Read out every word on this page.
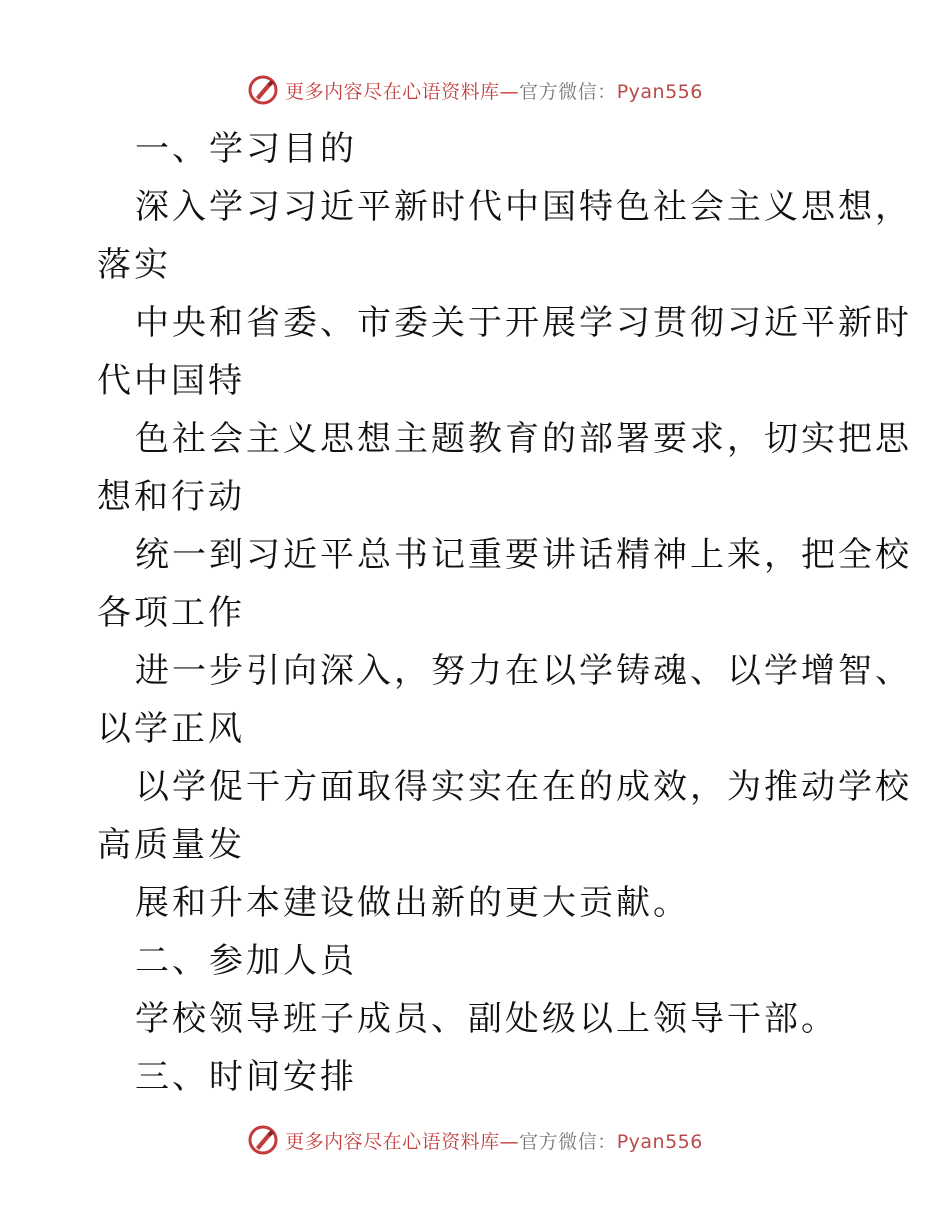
更多内容尽在心语资料库—官方微信：Pyan556
一、学习目的
深入学习习近平新时代中国特色社会主义思想，
落实
中央和省委、市委关于开展学习贯彻习近平新时
代中国特
色社会主义思想主题教育的部署要求，切实把思
想和行动
统一到习近平总书记重要讲话精神上来，把全校
各项工作
进一步引向深入，努力在以学铸魂、以学增智、
以学正风
以学促干方面取得实实在在的成效，为推动学校
高质量发
展和升本建设做出新的更大贡献。
二、参加人员
学校领导班子成员、副处级以上领导干部。
三、时间安排
更多内容尽在心语资料库—官方微信：Pyan556
